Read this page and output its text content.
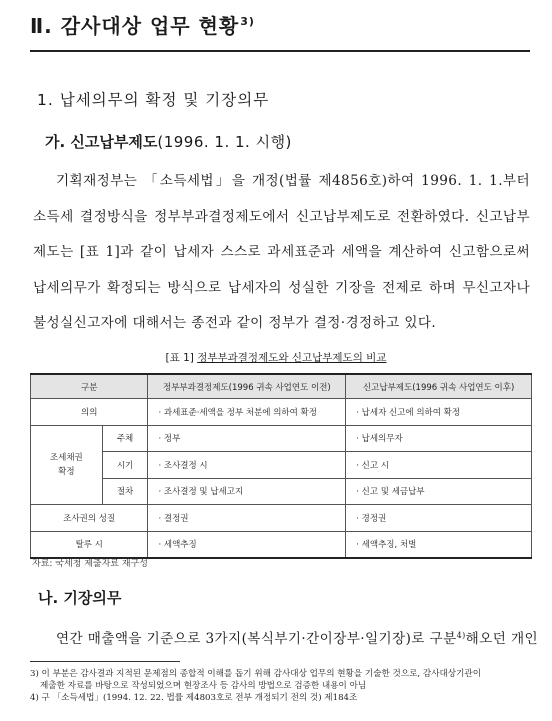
Ⅱ. 감사대상 업무 현황$^{3)}$
1. 납세의무의 확정 및 기장의무
가. 신고납부제도(1996. 1. 1. 시행)
기획재정부는 「소득세법」을 개정(법률 제4856호)하여 1996. 1. 1.부터 소득세 결정방식을 정부부과결정제도에서 신고납부제도로 전환하였다. 신고납부제도는 [표 1]과 같이 납세자 스스로 과세표준과 세액을 계산하여 신고함으로써 납세의무가 확정되는 방식으로 납세자의 성실한 기장을 전제로 하며 무신고자나 불성실신고자에 대해서는 종전과 같이 정부가 결정·경정하고 있다.
[표 1] 정부부과결정제도와 신고납부제도의 비교
구분		정부부과결정제도(1996 귀속 사업연도 이전)	신고납부제도(1996 귀속 사업연도 이후)
의의		· 과세표준·세액을 정부 처분에 의하여 확정	· 납세자 신고에 의하여 확정
조세채권
확정	주체	· 정부	· 납세의무자
	시기	· 조사결정 시	· 신고 시
	절차	· 조사결정 및 납세고지	· 신고 및 세금납부
조사권의 성질		· 결정권	· 경정권
탈루 시		· 세액추징	· 세액추징, 처벌
자료: 국세청 제출자료 재구성
나. 기장의무
연간 매출액을 기준으로 3가지(복식부기·간이장부·일기장)로 구분$^{4)}$해오던 개인

3) 이 부분은 감사결과 지적된 문제점의 종합적 이해를 돕기 위해 감사대상 업무의 현황을 기술한 것으로, 감사대상기관이
제출한 자료를 바탕으로 작성되었으며 현장조사 등 감사의 방법으로 검증한 내용이 아님

4) 구 「소득세법」(1994. 12. 22. 법률 제4803호로 전부 개정되기 전의 것) 제184조
